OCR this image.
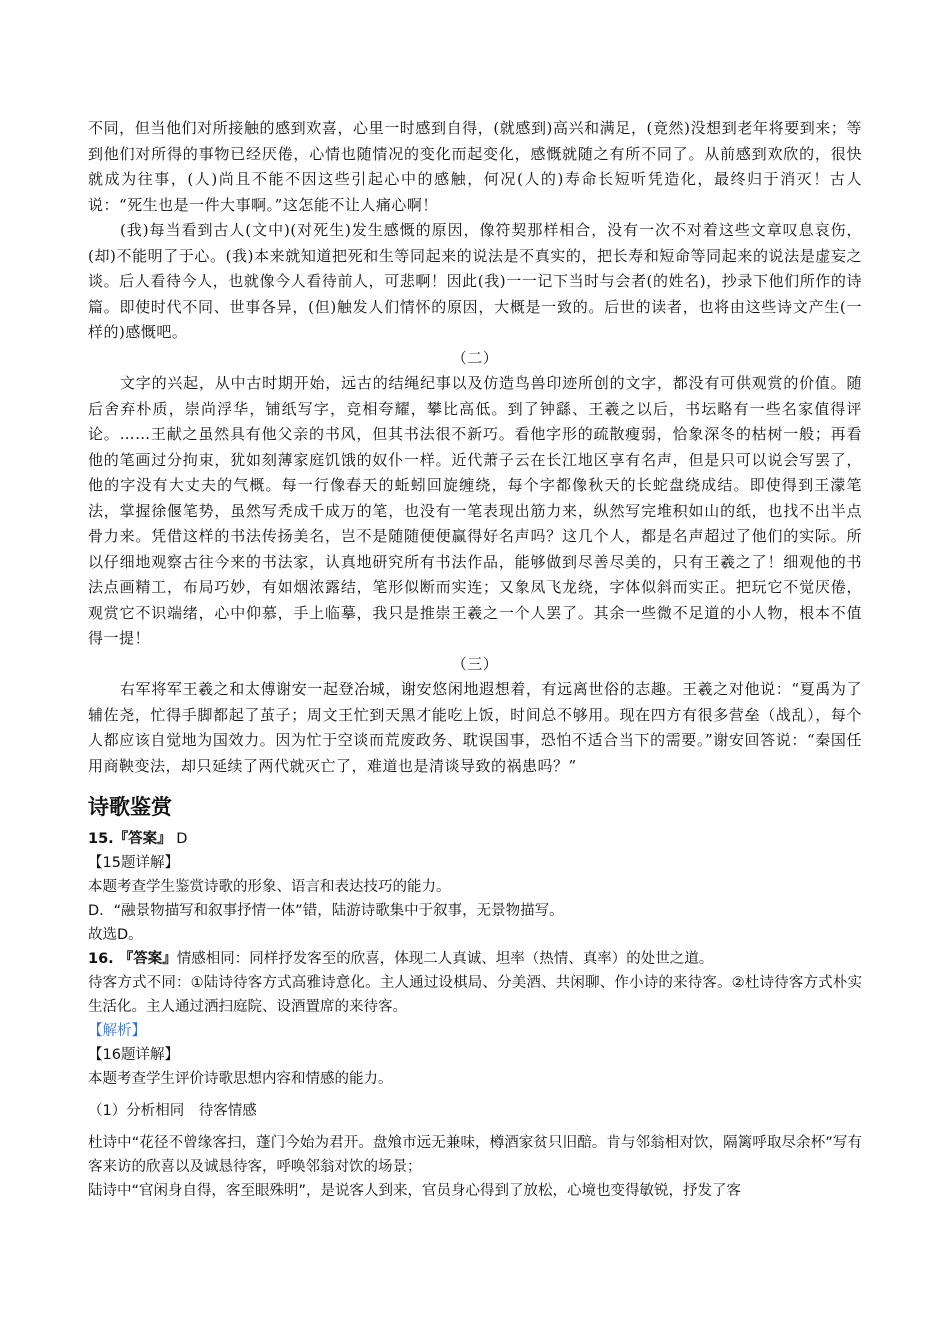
不同，但当他们对所接触的感到欢喜，心里一时感到自得，(就感到)高兴和满足，(竟然)没想到老年将要到来；等到他们对所得的事物已经厌倦，心情也随情况的变化而起变化，感慨就随之有所不同了。从前感到欢欣的，很快就成为往事，(人)尚且不能不因这些引起心中的感触，何况(人的)寿命长短听凭造化，最终归于消灭！古人说：“死生也是一件大事啊。”这怎能不让人痛心啊！

(我)每当看到古人(文中)(对死生)发生感慨的原因，像符契那样相合，没有一次不对着这些文章叹息哀伤，(却)不能明了于心。(我)本来就知道把死和生等同起来的说法是不真实的，把长寿和短命等同起来的说法是虚妄之谈。后人看待今人，也就像今人看待前人，可悲啊！因此(我)一一记下当时与会者(的姓名)，抄录下他们所作的诗篇。即使时代不同、世事各异，(但)触发人们情怀的原因，大概是一致的。后世的读者，也将由这些诗文产生(一样的)感慨吧。

（二）

文字的兴起，从中古时期开始，远古的结绳纪事以及仿造鸟兽印迹所创的文字，都没有可供观赏的价值。随后舍弃朴质，崇尚浮华，铺纸写字，竞相夸耀，攀比高低。到了钟繇、王羲之以后，书坛略有一些名家值得评论。……王献之虽然具有他父亲的书风，但其书法很不新巧。看他字形的疏散瘦弱，恰象深冬的枯树一般；再看他的笔画过分拘束，犹如刻薄家庭饥饿的奴仆一样。近代萧子云在长江地区享有名声，但是只可以说会写罢了，他的字没有大丈夫的气概。每一行像春天的蚯蚓回旋缠绕，每个字都像秋天的长蛇盘绕成结。即使得到王濛笔法，掌握徐偃笔势，虽然写秃成千成万的笔，也没有一笔表现出筋力来，纵然写完堆积如山的纸，也找不出半点骨力来。凭借这样的书法传扬美名，岂不是随随便便赢得好名声吗？这几个人，都是名声超过了他们的实际。所以仔细地观察古往今来的书法家，认真地研究所有书法作品，能够做到尽善尽美的，只有王羲之了！细观他的书法点画精工，布局巧妙，有如烟浓露结，笔形似断而实连；又象凤飞龙绕，字体似斜而实正。把玩它不觉厌倦，观赏它不识端绪，心中仰慕，手上临摹，我只是推崇王羲之一个人罢了。其余一些微不足道的小人物，根本不值得一提！

（三）

右军将军王羲之和太傅谢安一起登冶城，谢安悠闲地遐想着，有远离世俗的志趣。王羲之对他说：“夏禹为了辅佐尧，忙得手脚都起了茧子；周文王忙到天黑才能吃上饭，时间总不够用。现在四方有很多营垒（战乱），每个人都应该自觉地为国效力。因为忙于空谈而荒废政务、耽误国事，恐怕不适合当下的需要。”谢安回答说：“秦国任用商鞅变法，却只延续了两代就灭亡了，难道也是清谈导致的祸患吗？”

诗歌鉴赏

15.『答案』 D

【15题详解】

本题考查学生鉴赏诗歌的形象、语言和表达技巧的能力。

D．“融景物描写和叙事抒情一体”错，陆游诗歌集中于叙事，无景物描写。

故选D。

16. 『答案』情感相同：同样抒发客至的欣喜，体现二人真诚、坦率（热情、真率）的处世之道。

待客方式不同：①陆诗待客方式高雅诗意化。主人通过设棋局、分美酒、共闲聊、作小诗的来待客。②杜诗待客方式朴实生活化。主人通过洒扫庭院、设酒置席的来待客。

【解析】

【16题详解】

本题考查学生评价诗歌思想内容和情感的能力。

（1）分析相同　待客情感

杜诗中“花径不曾缘客扫，蓬门今始为君开。盘飧市远无兼味，樽酒家贫只旧醅。肯与邻翁相对饮，隔篱呼取尽余杯”写有客来访的欣喜以及诚恳待客，呼唤邻翁对饮的场景；

陆诗中“官闲身自得，客至眼殊明”，是说客人到来，官员身心得到了放松，心境也变得敏锐，抒发了客
